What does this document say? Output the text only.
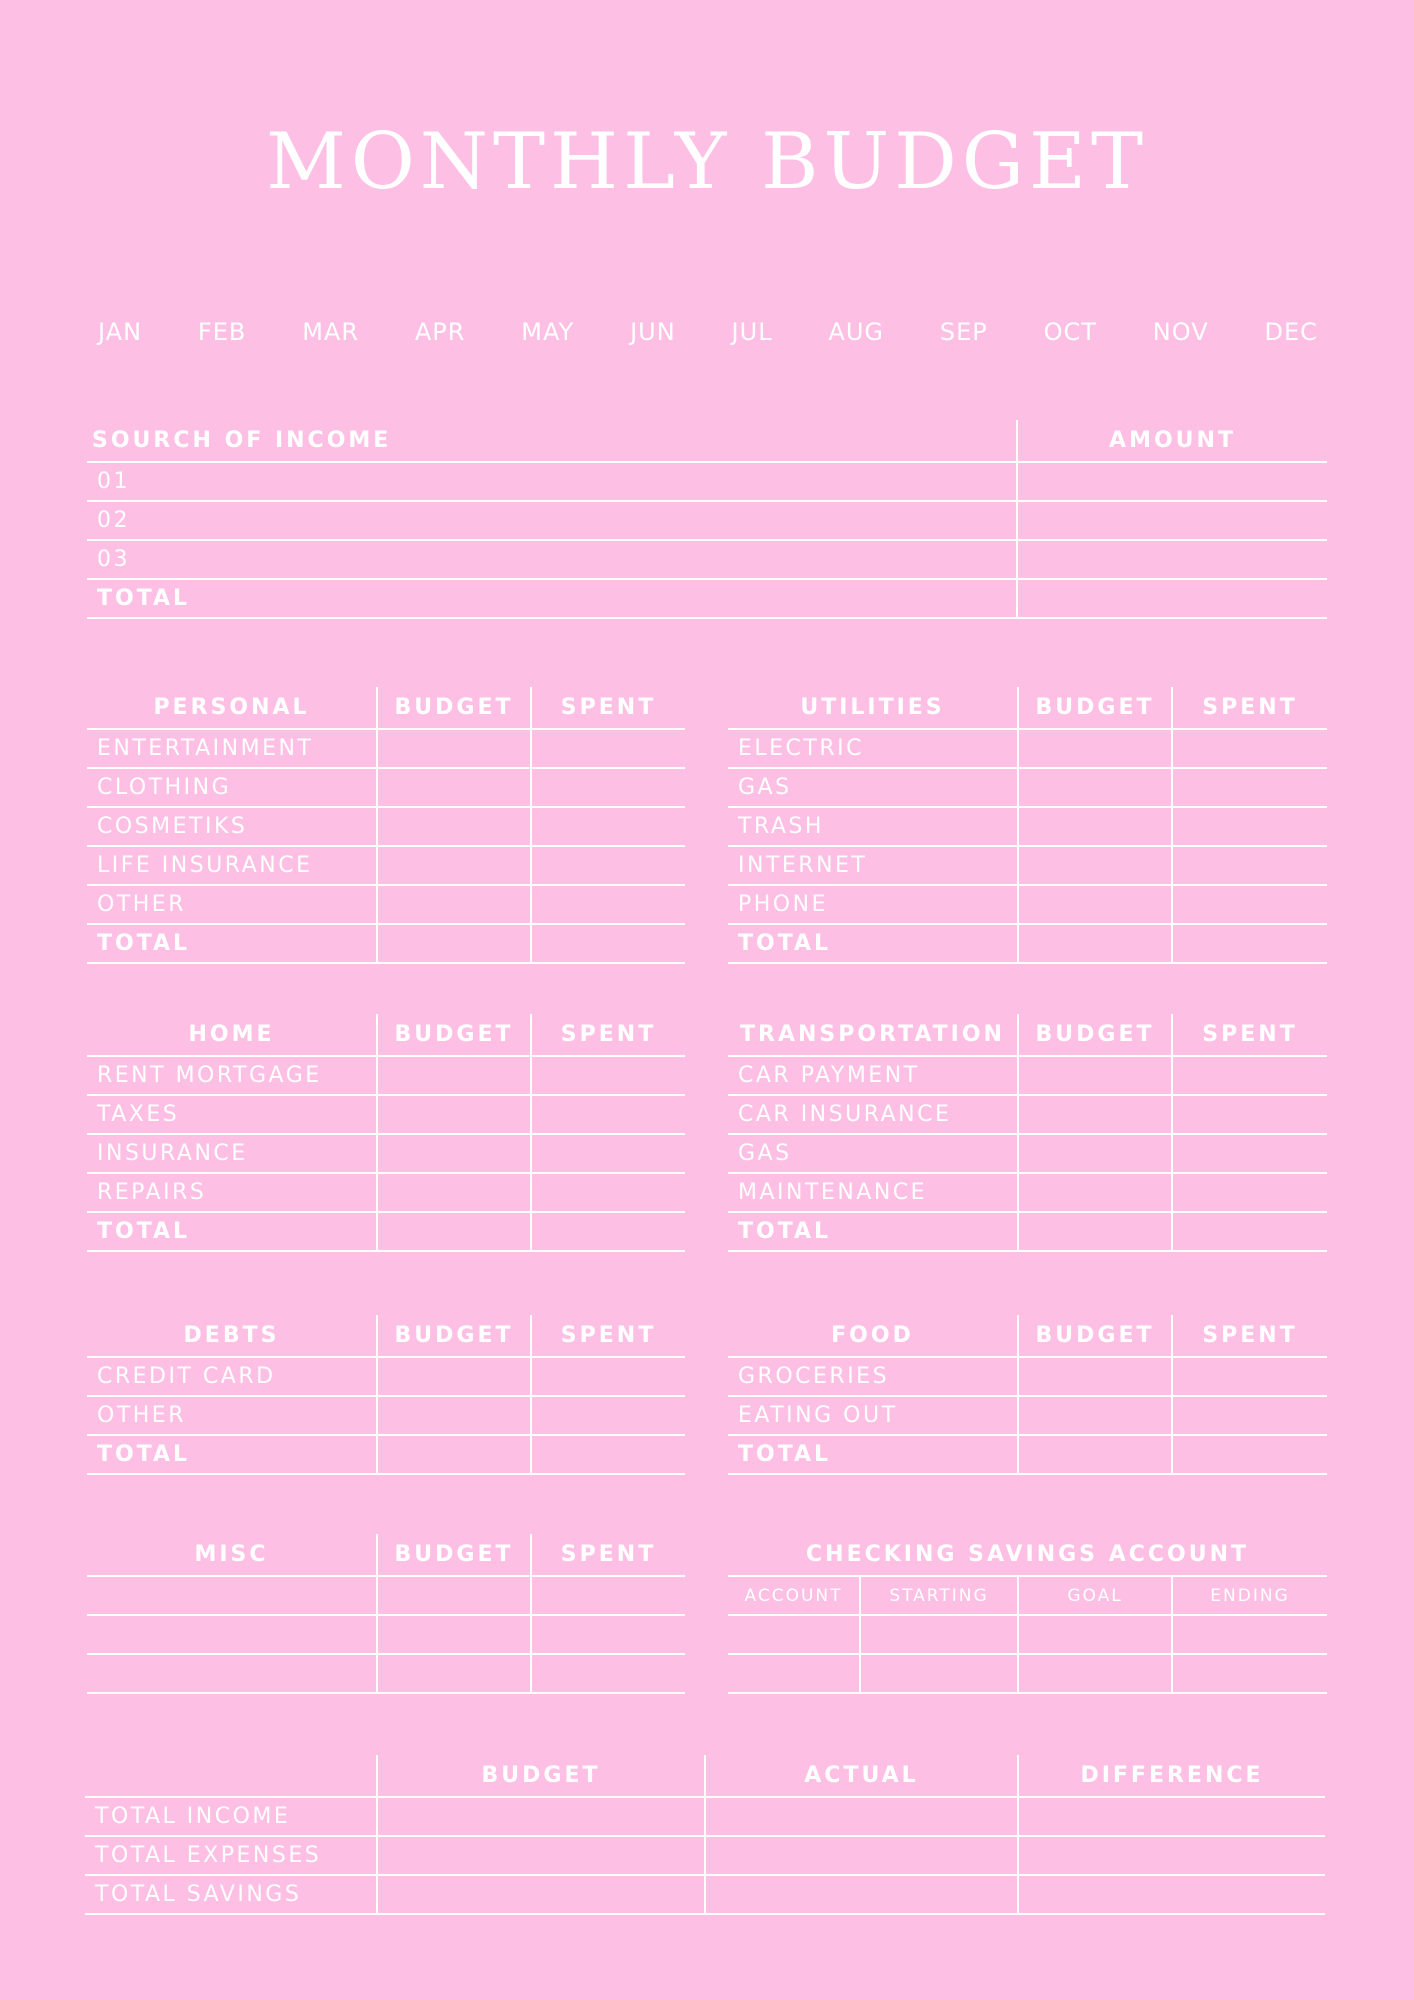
MONTHLY BUDGET
JAN FEB MAR APR MAY JUN JUL AUG SEP OCT NOV DEC
SOURCH OF INCOME	AMOUNT
01	
02	
03	
TOTAL	
PERSONAL	BUDGET	SPENT
ENTERTAINMENT		
CLOTHING		
COSMETIKS		
LIFE INSURANCE		
OTHER		
TOTAL		
UTILITIES	BUDGET	SPENT
ELECTRIC		
GAS		
TRASH		
INTERNET		
PHONE		
TOTAL		
HOME	BUDGET	SPENT
RENT MORTGAGE		
TAXES		
INSURANCE		
REPAIRS		
TOTAL		
TRANSPORTATION	BUDGET	SPENT
CAR PAYMENT		
CAR INSURANCE		
GAS		
MAINTENANCE		
TOTAL		
DEBTS	BUDGET	SPENT
CREDIT CARD		
OTHER		
TOTAL		
FOOD	BUDGET	SPENT
GROCERIES		
EATING OUT		
TOTAL		
MISC	BUDGET	SPENT

			CHECKING SAVINGS ACCOUNT			
ACCOUNT	STARTING	GOAL	ENDING

	BUDGET	ACTUAL	DIFFERENCE
TOTAL INCOME			
TOTAL EXPENSES			
TOTAL SAVINGS			
